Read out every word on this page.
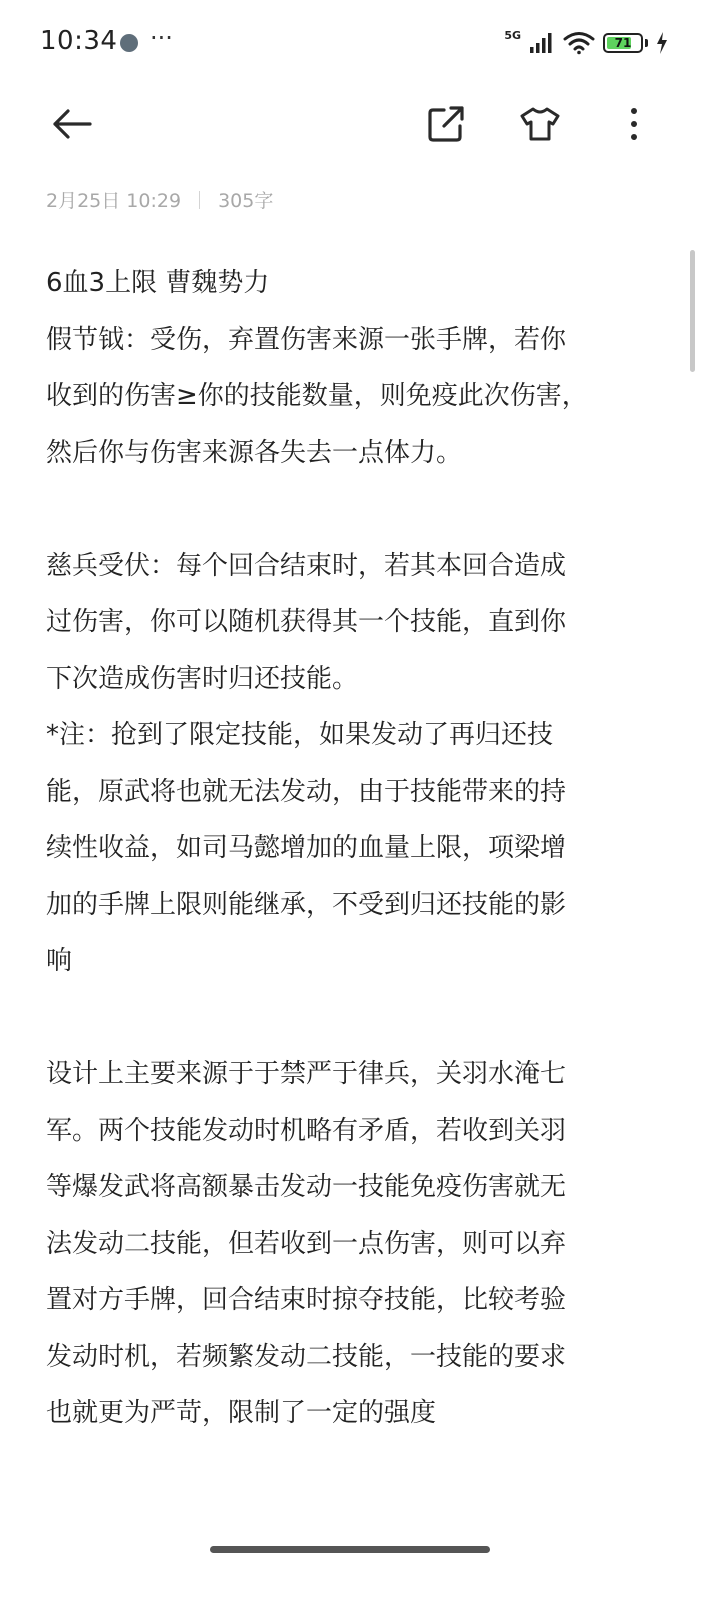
10:34 ···	5G
71
2月25日 10:29 305字
6血3上限 曹魏势力
假节钺：受伤，弃置伤害来源一张手牌，若你
收到的伤害≥你的技能数量，则免疫此次伤害，
然后你与伤害来源各失去一点体力。
慈兵受伏：每个回合结束时，若其本回合造成
过伤害，你可以随机获得其一个技能，直到你
下次造成伤害时归还技能。
*注：抢到了限定技能，如果发动了再归还技
能，原武将也就无法发动，由于技能带来的持
续性收益，如司马懿增加的血量上限，项梁增
加的手牌上限则能继承，不受到归还技能的影
响
设计上主要来源于于禁严于律兵，关羽水淹七
军。两个技能发动时机略有矛盾，若收到关羽
等爆发武将高额暴击发动一技能免疫伤害就无
法发动二技能，但若收到一点伤害，则可以弃
置对方手牌，回合结束时掠夺技能，比较考验
发动时机，若频繁发动二技能，一技能的要求
也就更为严苛，限制了一定的强度
